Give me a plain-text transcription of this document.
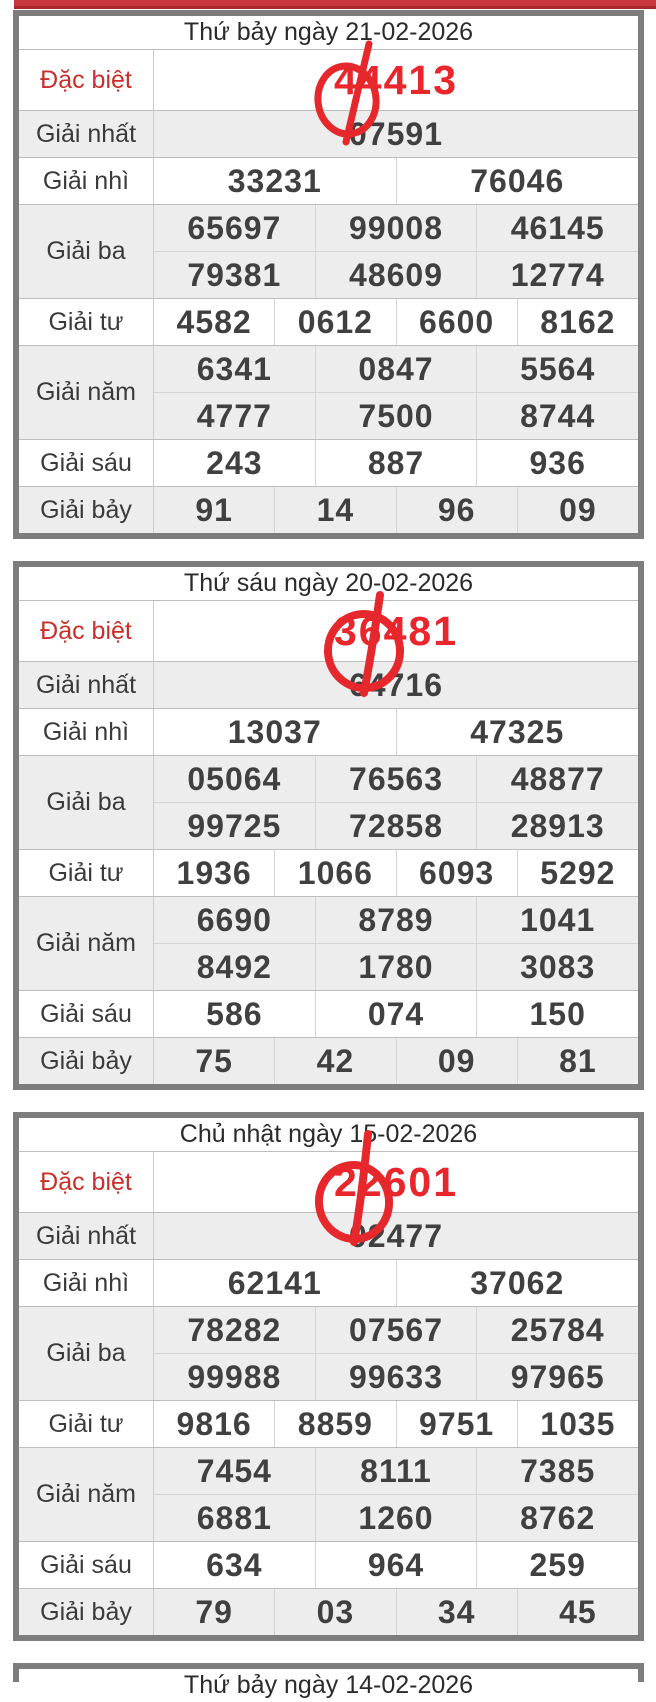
Thứ bảy ngày 21-02-2026
Đặc biệt	44413
Giải nhất	07591
Giải nhì	33231	76046
Giải ba
65697	99008	46145
79381	48609	12774
Giải tư	4582	0612	6600	8162
Giải năm
6341	0847	5564
4777	7500	8744
Giải sáu	243	887	936
Giải bảy	91	14	96	09
Thứ sáu ngày 20-02-2026
Đặc biệt	36481
Giải nhất	64716
Giải nhì	13037	47325
Giải ba
05064	76563	48877
99725	72858	28913
Giải tư	1936	1066	6093	5292
Giải năm
6690	8789	1041
8492	1780	3083
Giải sáu	586	074	150
Giải bảy	75	42	09	81
Chủ nhật ngày 15-02-2026
Đặc biệt	22601
Giải nhất	02477
Giải nhì	62141	37062
Giải ba
78282	07567	25784
99988	99633	97965
Giải tư	9816	8859	9751	1035
Giải năm
7454	8111	7385
6881	1260	8762
Giải sáu	634	964	259
Giải bảy	79	03	34	45
Thứ bảy ngày 14-02-2026
